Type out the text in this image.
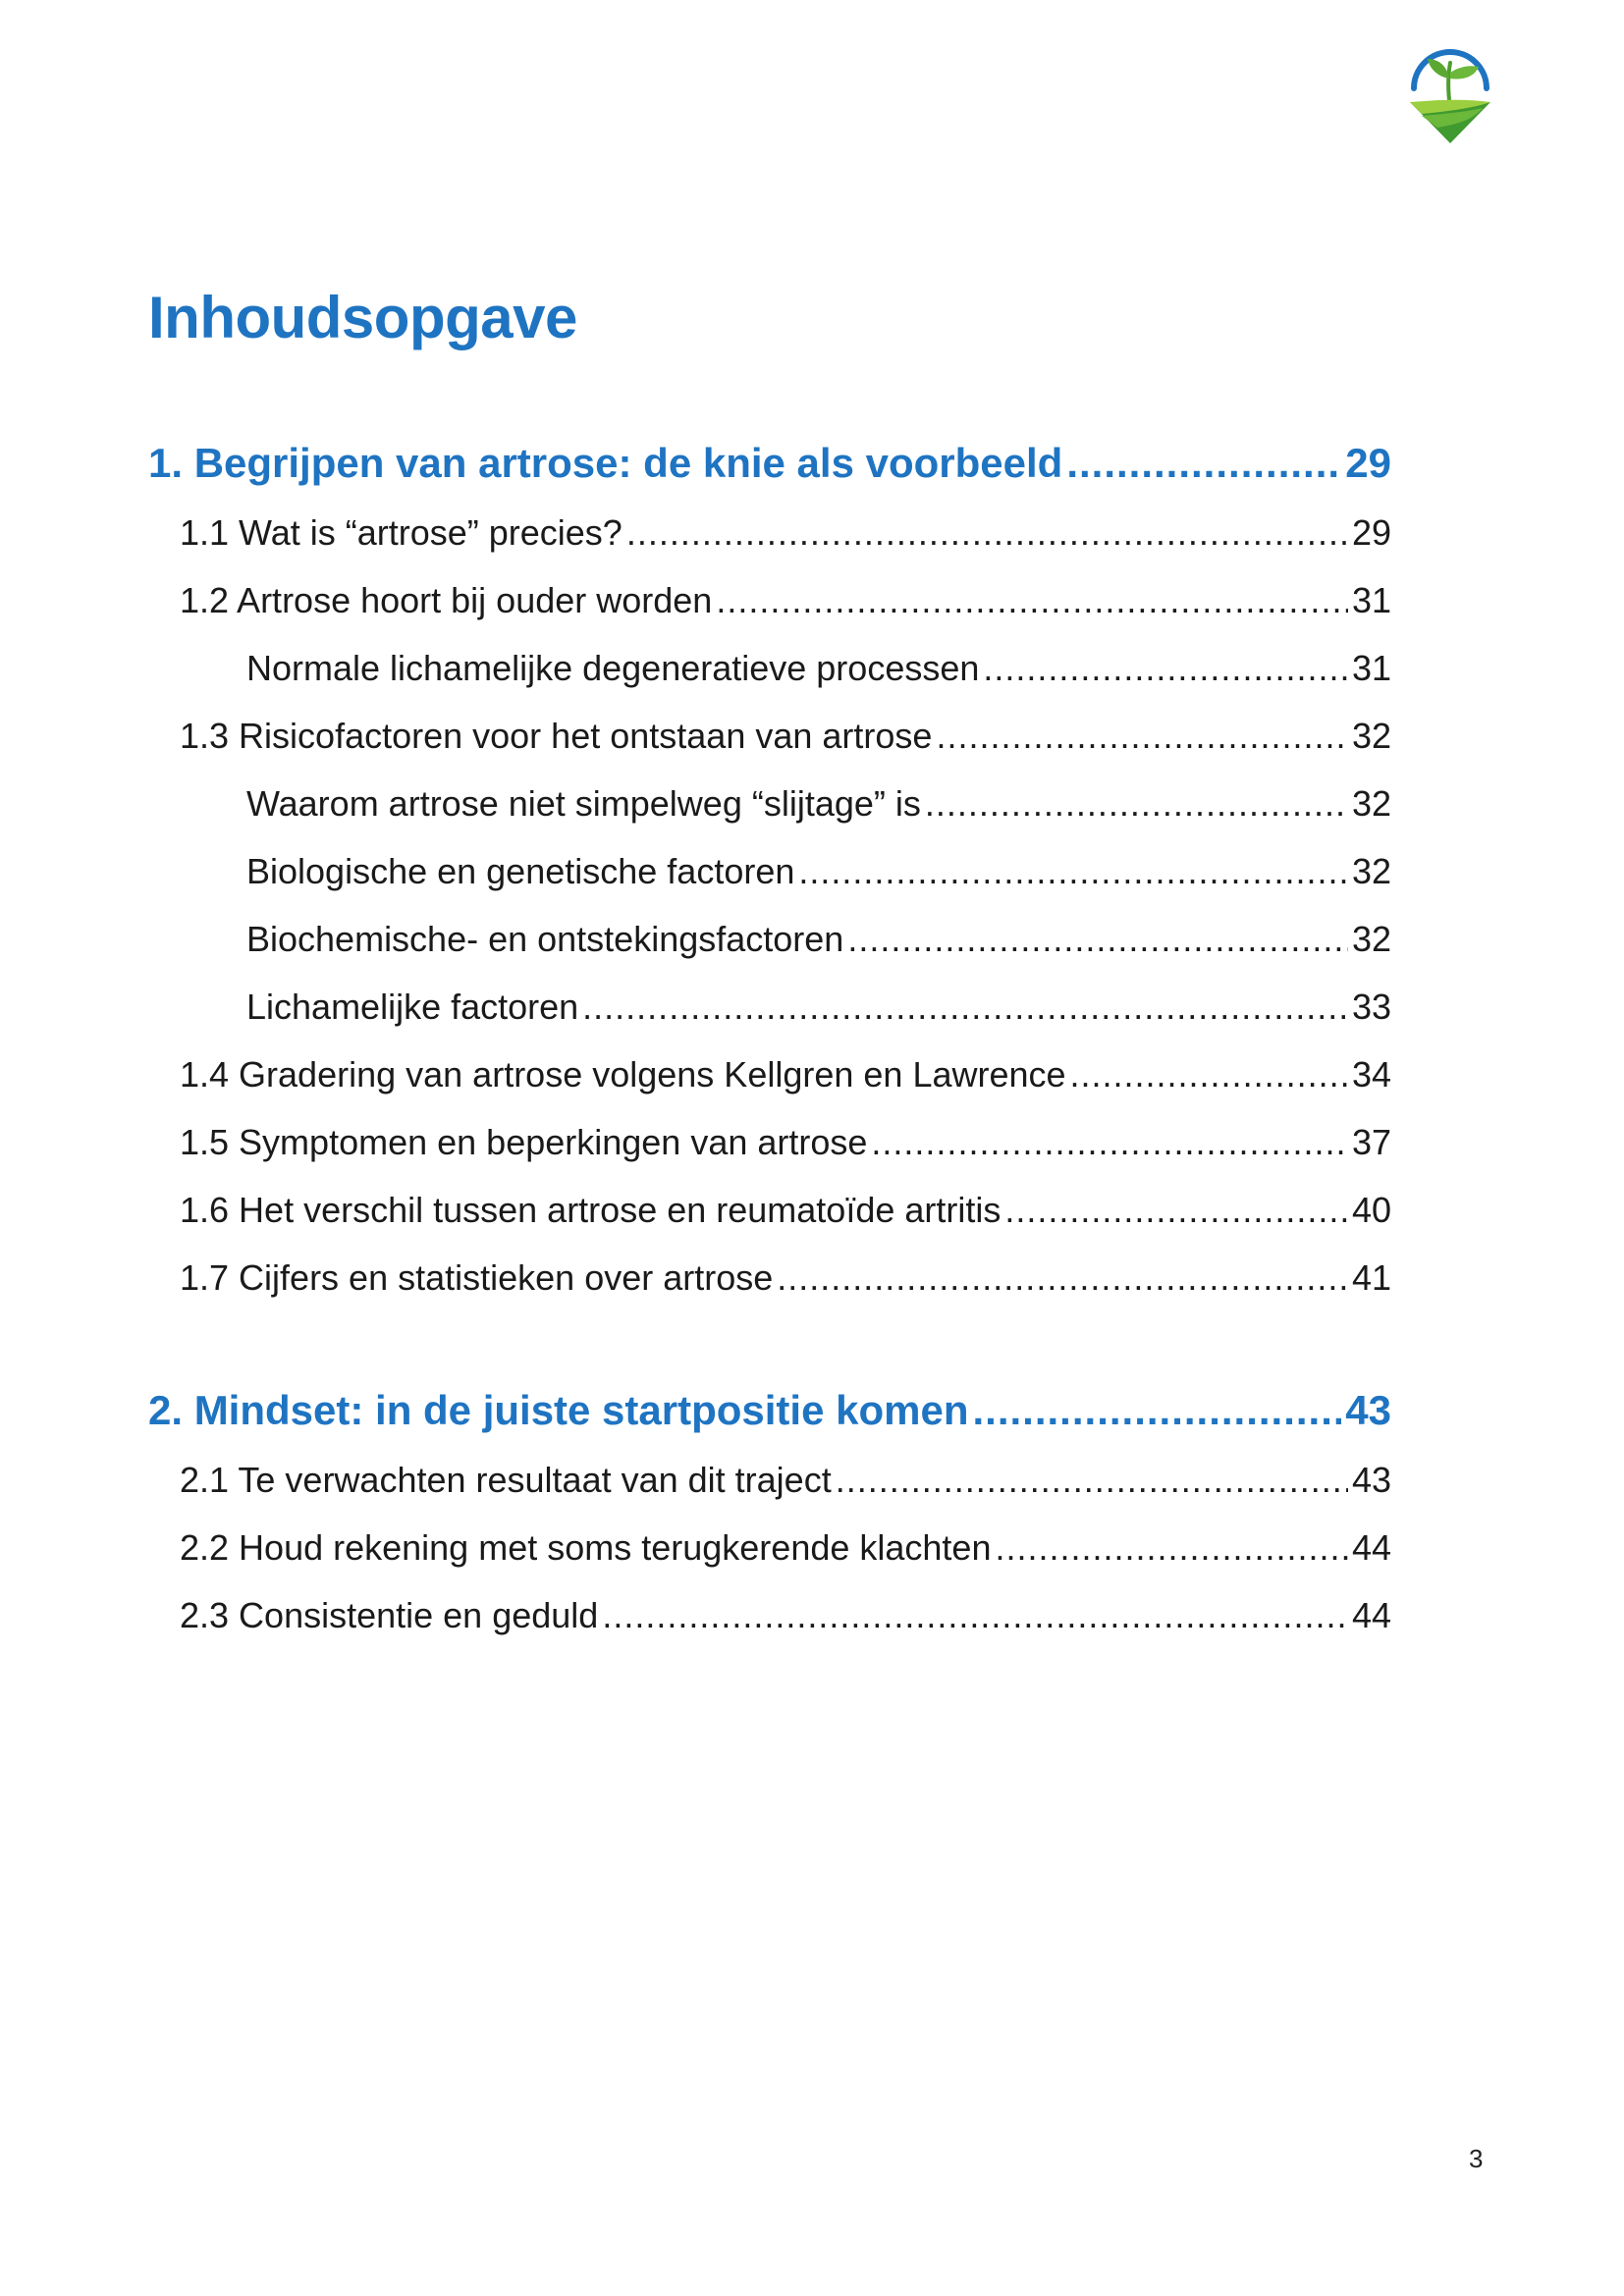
Inhoudsopgave
1. Begrijpen van artrose: de knie als voorbeeld .....	29
1.1 Wat is “artrose” precies? .....	29
1.2 Artrose hoort bij ouder worden .....	31
Normale lichamelijke degeneratieve processen .....	31
1.3 Risicofactoren voor het ontstaan van artrose .....	32
Waarom artrose niet simpelweg “slijtage” is .....	32
Biologische en genetische factoren .....	32
Biochemische- en ontstekingsfactoren .....	32
Lichamelijke factoren .....	33
1.4 Gradering van artrose volgens Kellgren en Lawrence .....	34
1.5 Symptomen en beperkingen van artrose .....	37
1.6 Het verschil tussen artrose en reumatoïde artritis .....	40
1.7 Cijfers en statistieken over artrose .....	41
2. Mindset: in de juiste startpositie komen .....	43
2.1 Te verwachten resultaat van dit traject .....	43
2.2 Houd rekening met soms terugkerende klachten .....	44
2.3 Consistentie en geduld .....	44
3
